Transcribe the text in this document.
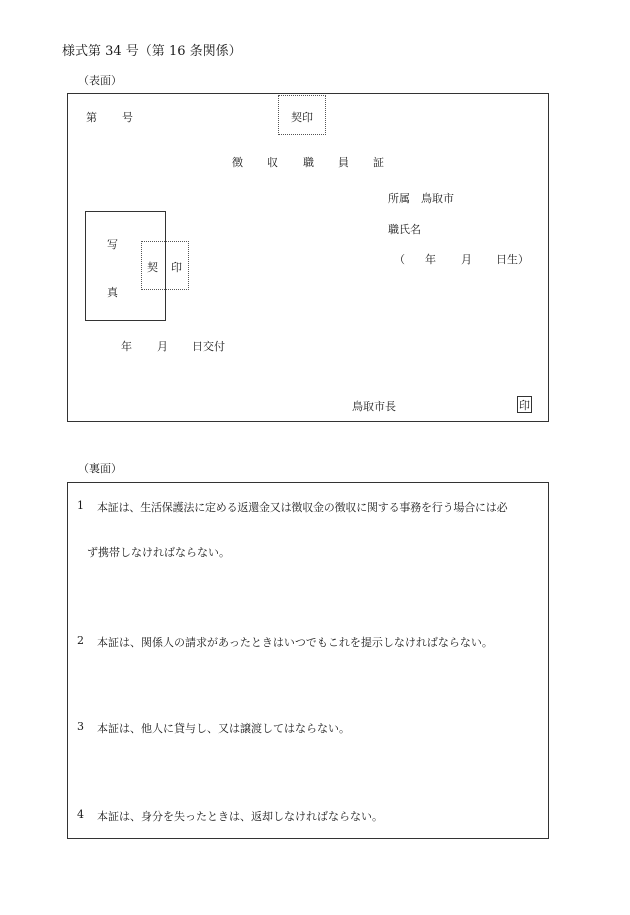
様式第 34 号（第 16 条関係）
（表面）
第 号	契印
徴 収 職 員 証
所属　鳥取市
職氏名
（ 年 月 日生）
写
真
契 印
年 月 日交付
鳥取市長	印
（裏面）
1 本証は、生活保護法に定める返還金又は徴収金の徴収に関する事務を行う場合には必
ず携帯しなければならない。
2 本証は、関係人の請求があったときはいつでもこれを提示しなければならない。
3 本証は、他人に貸与し、又は譲渡してはならない。
4 本証は、身分を失ったときは、返却しなければならない。
